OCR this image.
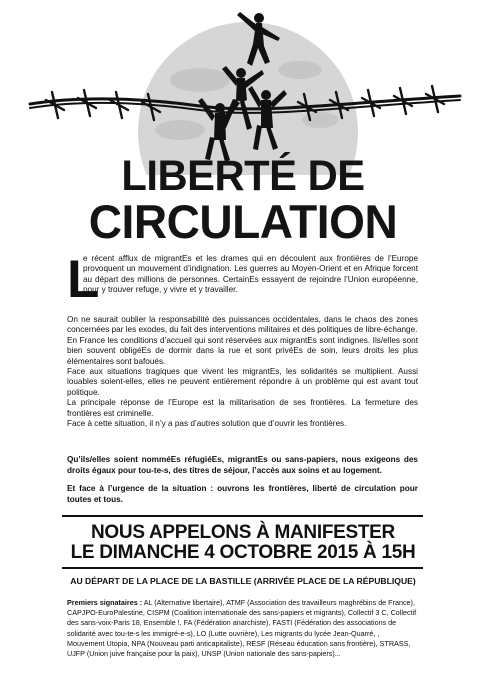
LIBERTÉ DE
CIRCULATION
L

e récent afflux de migrantEs et les drames qui en découlent aux frontières de l’Europe provoquent un mouvement d’indignation. Les guerres au Moyen-Orient et en Afrique forcent au départ des millions de personnes. CertainEs essayent de rejoindre l’Union européenne, pour y trouver refuge, y vivre et y travailler.

On ne saurait oublier la responsabilité des puissances occidentales, dans le chaos des zones concernées par les exodes, du fait des interventions militaires et des politiques de libre-échange.

En France les conditions d’accueil qui sont réservées aux migrantEs sont indignes. Ils/elles sont bien souvent obligéEs de dormir dans la rue et sont privéEs de soin, leurs droits les plus élémentaires sont bafoués.

Face aux situations tragiques que vivent les migrantEs, les solidarités se multiplient. Aussi louables soient-elles, elles ne peuvent entièrement répondre à un problème qui est avant tout politique.

La principale réponse de l’Europe est la militarisation de ses frontières. La fermeture des frontières est criminelle.

Face à cette situation, il n’y a pas d’autres solution que d’ouvrir les frontières.

Qu’ils/elles soient nomméEs réfugiéEs, migrantEs ou sans-papiers, nous exigeons des droits égaux pour tou-te-s, des titres de séjour, l’accès aux soins et au logement.

Et face à l’urgence de la situation : ouvrons les frontières, liberté de circulation pour toutes et tous.

NOUS APPELONS À MANIFESTER
LE DIMANCHE 4 OCTOBRE 2015 À 15H
AU DÉPART DE LA PLACE DE LA BASTILLE (ARRIVÉE PLACE DE LA RÉPUBLIQUE)

Premiers signataires : AL (Alternative libertaire), ATMF (Association des travailleurs maghrébins de France), CAPJPO-EuroPalestine, CISPM (Coalition internationale des sans-papiers et migrants), Collectif 3 C, Collectif des sans-voix-Paris 18, Ensemble !, FA (Fédération anarchiste), FASTI (Fédération des associations de solidarité avec tou-te-s les immigré-e-s), LO (Lutte ouvrière), Les migrants du lycée Jean-Quarré, , Mouvement Utopia, NPA (Nouveau parti anticapitaliste), RESF (Réseau éducation sans frontière), STRASS, UJFP (Union juive française pour la paix), UNSP (Union nationale des sans-papiers)...
